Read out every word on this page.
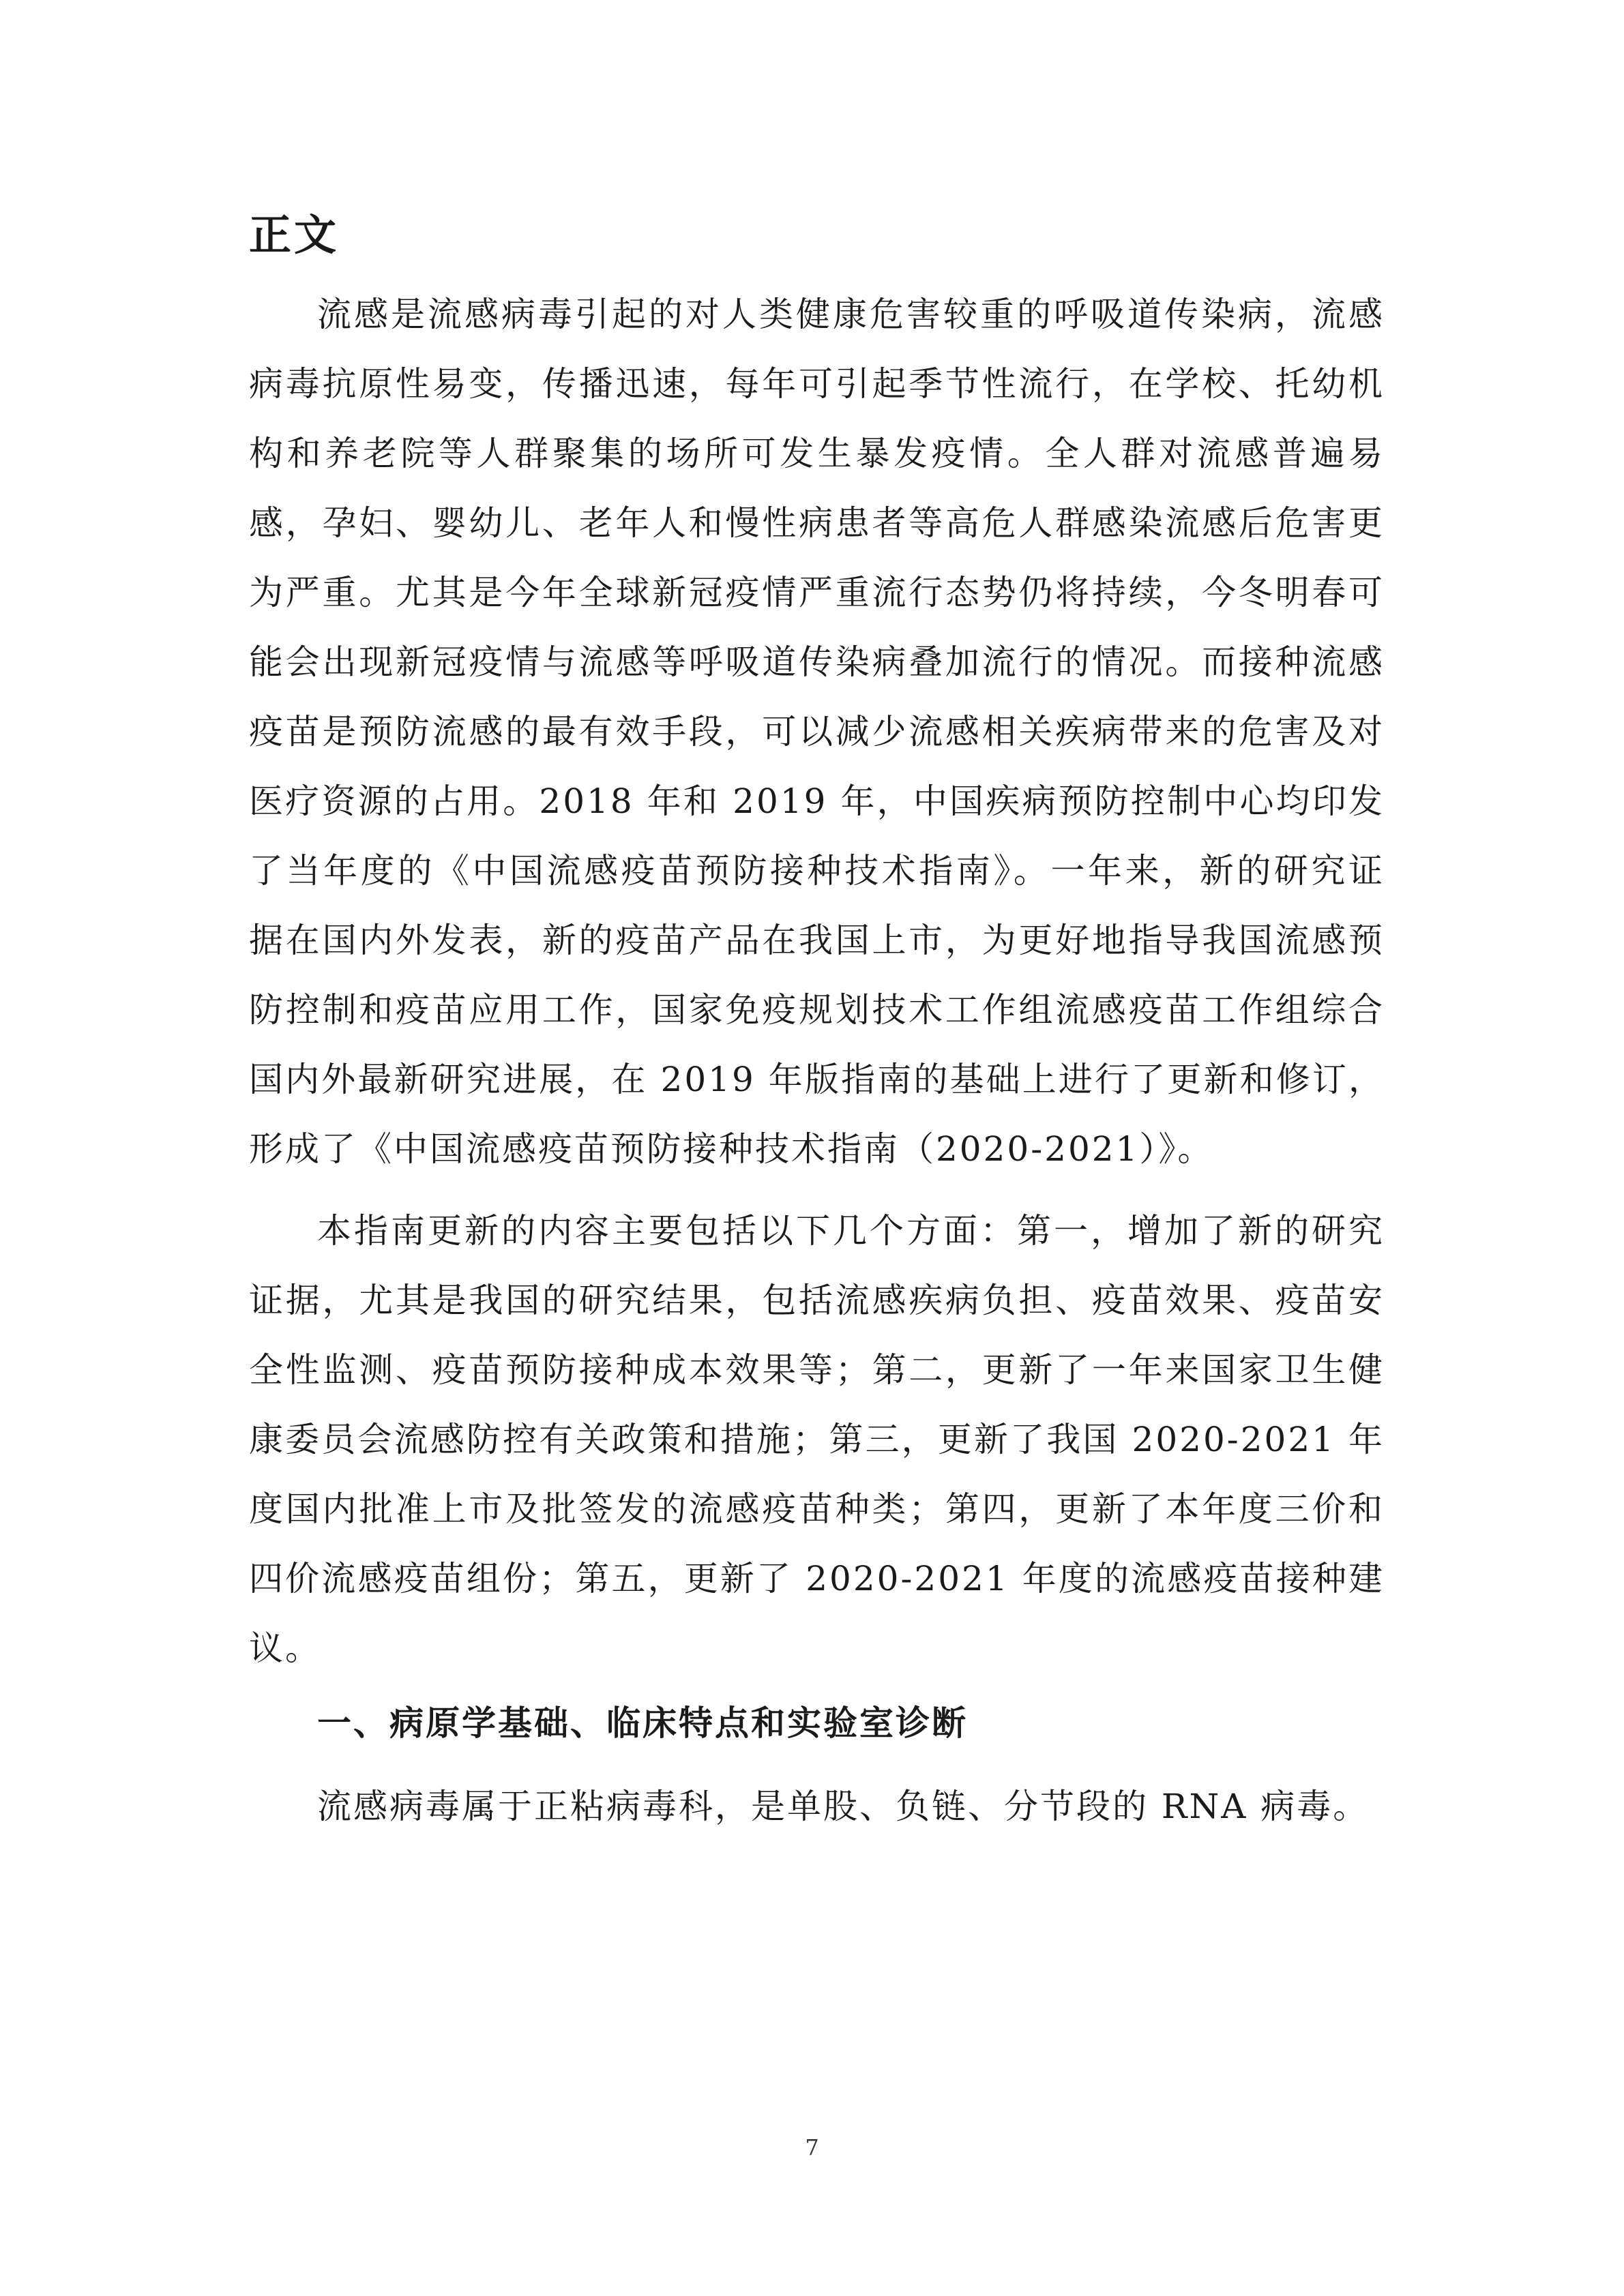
正文

流感是流感病毒引起的对人类健康危害较重的呼吸道传染病，流感病毒抗原性易变，传播迅速，每年可引起季节性流行，在学校、托幼机构和养老院等人群聚集的场所可发生暴发疫情。全人群对流感普遍易感，孕妇、婴幼儿、老年人和慢性病患者等高危人群感染流感后危害更为严重。尤其是今年全球新冠疫情严重流行态势仍将持续，今冬明春可能会出现新冠疫情与流感等呼吸道传染病叠加流行的情况。而接种流感疫苗是预防流感的最有效手段，可以减少流感相关疾病带来的危害及对医疗资源的占用。2018 年和 2019 年，中国疾病预防控制中心均印发了当年度的《中国流感疫苗预防接种技术指南》。一年来，新的研究证据在国内外发表，新的疫苗产品在我国上市，为更好地指导我国流感预防控制和疫苗应用工作，国家免疫规划技术工作组流感疫苗工作组综合国内外最新研究进展，在 2019 年版指南的基础上进行了更新和修订，形成了《中国流感疫苗预防接种技术指南（2020-2021）》。

本指南更新的内容主要包括以下几个方面：第一，增加了新的研究证据，尤其是我国的研究结果，包括流感疾病负担、疫苗效果、疫苗安全性监测、疫苗预防接种成本效果等；第二，更新了一年来国家卫生健康委员会流感防控有关政策和措施；第三，更新了我国 2020-2021 年度国内批准上市及批签发的流感疫苗种类；第四，更新了本年度三价和四价流感疫苗组份；第五，更新了 2020-2021 年度的流感疫苗接种建议。

一、病原学基础、临床特点和实验室诊断

流感病毒属于正粘病毒科，是单股、负链、分节段的 RNA 病毒。

7
